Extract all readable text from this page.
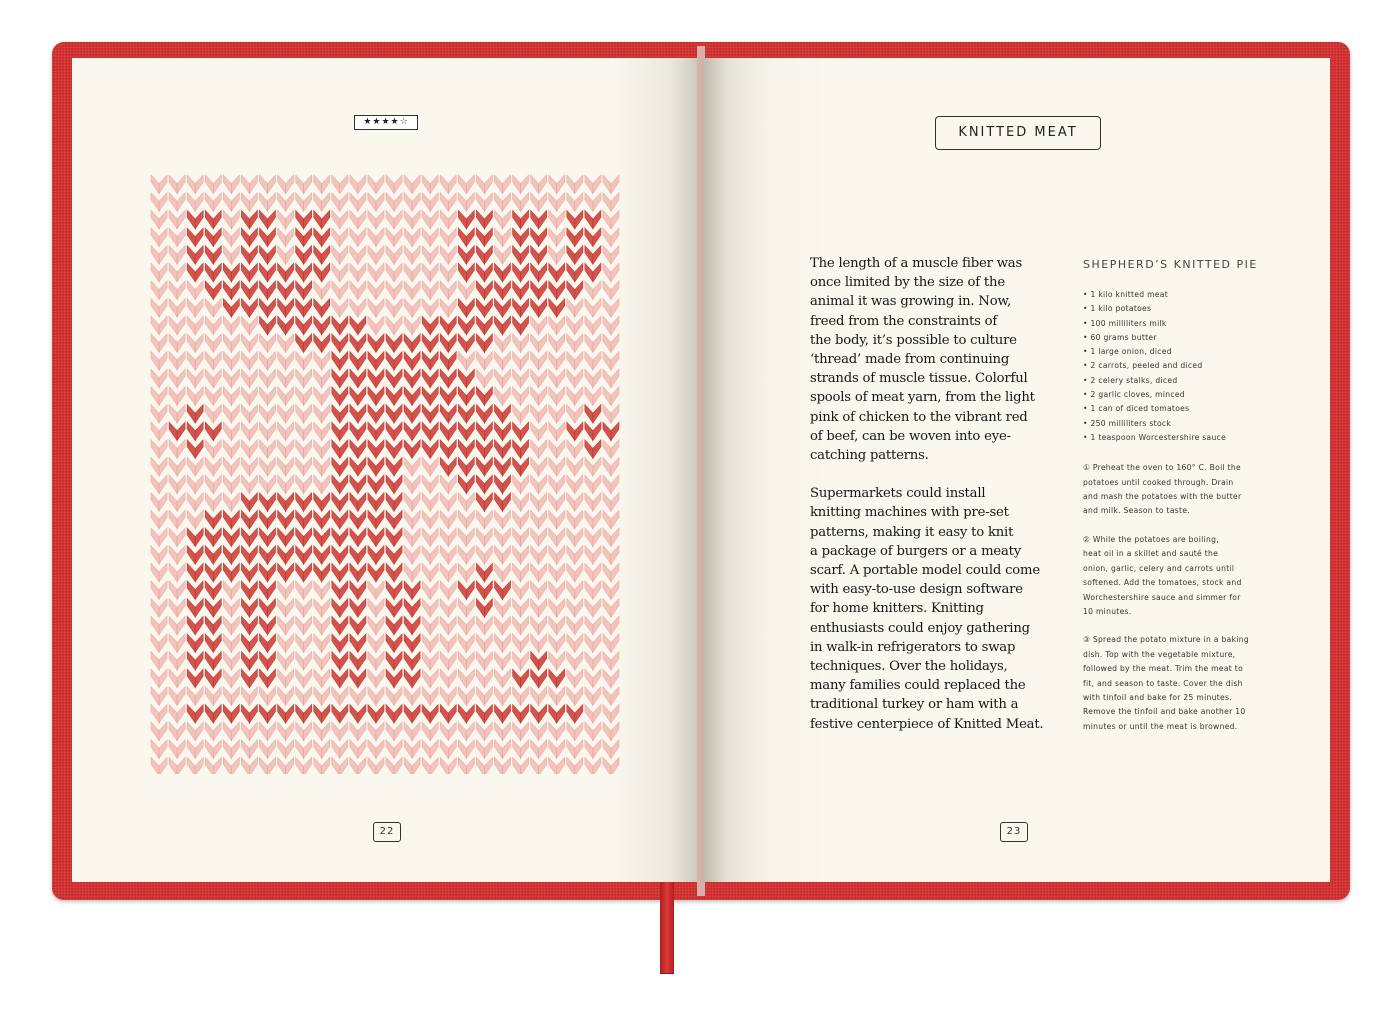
★★★★☆
22
KNITTED MEAT

The length of a muscle fiber was
once limited by the size of the
animal it was growing in. Now,
freed from the constraints of
the body, it’s possible to culture
‘thread’ made from continuing
strands of muscle tissue. Colorful
spools of meat yarn, from the light
pink of chicken to the vibrant red
of beef, can be woven into eye-
catching patterns.

Supermarkets could install
knitting machines with pre-set
patterns, making it easy to knit
a package of burgers or a meaty
scarf. A portable model could come
with easy-to-use design software
for home knitters. Knitting
enthusiasts could enjoy gathering
in walk-in refrigerators to swap
techniques. Over the holidays,
many families could replaced the
traditional turkey or ham with a
festive centerpiece of Knitted Meat.

SHEPHERD’S KNITTED PIE
• 1 kilo knitted meat
• 1 kilo potatoes
• 100 milliliters milk
• 60 grams butter
• 1 large onion, diced
• 2 carrots, peeled and diced
• 2 celery stalks, diced
• 2 garlic cloves, minced
• 1 can of diced tomatoes
• 250 milliliters stock
• 1 teaspoon Worcestershire sauce
① Preheat the oven to 160° C. Boil the
potatoes until cooked through. Drain
and mash the potatoes with the butter
and milk. Season to taste.
② While the potatoes are boiling,
heat oil in a skillet and sauté the
onion, garlic, celery and carrots until
softened. Add the tomatoes, stock and
Worchestershire sauce and simmer for
10 minutes.
③ Spread the potato mixture in a baking
dish. Top with the vegetable mixture,
followed by the meat. Trim the meat to
fit, and season to taste. Cover the dish
with tinfoil and bake for 25 minutes.
Remove the tinfoil and bake another 10
minutes or until the meat is browned.
23
